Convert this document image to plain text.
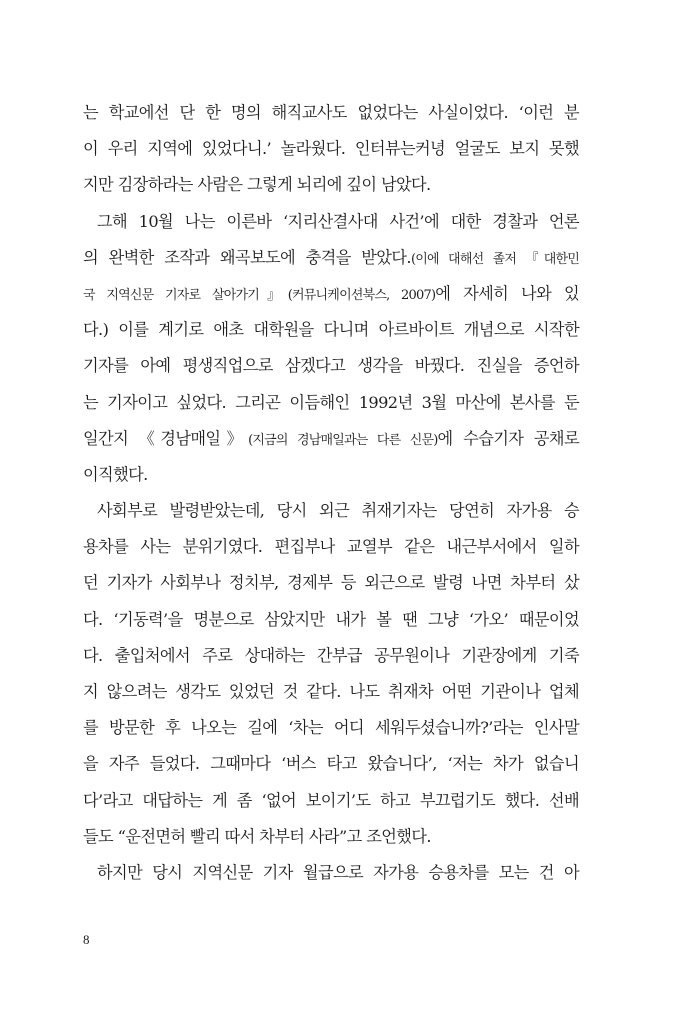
는 학교에선 단 한 명의 해직교사도 없었다는 사실이었다. ‘이런 분
이 우리 지역에 있었다니.’ 놀라웠다. 인터뷰는커녕 얼굴도 보지 못했
지만 김장하라는 사람은 그렇게 뇌리에 깊이 남았다.
그해 10월 나는 이른바 ‘지리산결사대 사건’에 대한 경찰과 언론
의 완벽한 조작과 왜곡보도에 충격을 받았다.(이에 대해선 졸저 『대한민
국 지역신문 기자로 살아가기』(커뮤니케이션북스, 2007)에 자세히 나와 있
다.) 이를 계기로 애초 대학원을 다니며 아르바이트 개념으로 시작한
기자를 아예 평생직업으로 삼겠다고 생각을 바꿨다. 진실을 증언하
는 기자이고 싶었다. 그리곤 이듬해인 1992년 3월 마산에 본사를 둔
일간지 《경남매일》(지금의 경남매일과는 다른 신문)에 수습기자 공채로
이직했다.
사회부로 발령받았는데, 당시 외근 취재기자는 당연히 자가용 승
용차를 사는 분위기였다. 편집부나 교열부 같은 내근부서에서 일하
던 기자가 사회부나 정치부, 경제부 등 외근으로 발령 나면 차부터 샀
다. ‘기동력’을 명분으로 삼았지만 내가 볼 땐 그냥 ‘가오’ 때문이었
다. 출입처에서 주로 상대하는 간부급 공무원이나 기관장에게 기죽
지 않으려는 생각도 있었던 것 같다. 나도 취재차 어떤 기관이나 업체
를 방문한 후 나오는 길에 ‘차는 어디 세워두셨습니까?’라는 인사말
을 자주 들었다. 그때마다 ‘버스 타고 왔습니다’, ‘저는 차가 없습니
다’라고 대답하는 게 좀 ‘없어 보이기’도 하고 부끄럽기도 했다. 선배
들도 “운전면허 빨리 따서 차부터 사라”고 조언했다.
하지만 당시 지역신문 기자 월급으로 자가용 승용차를 모는 건 아
8
